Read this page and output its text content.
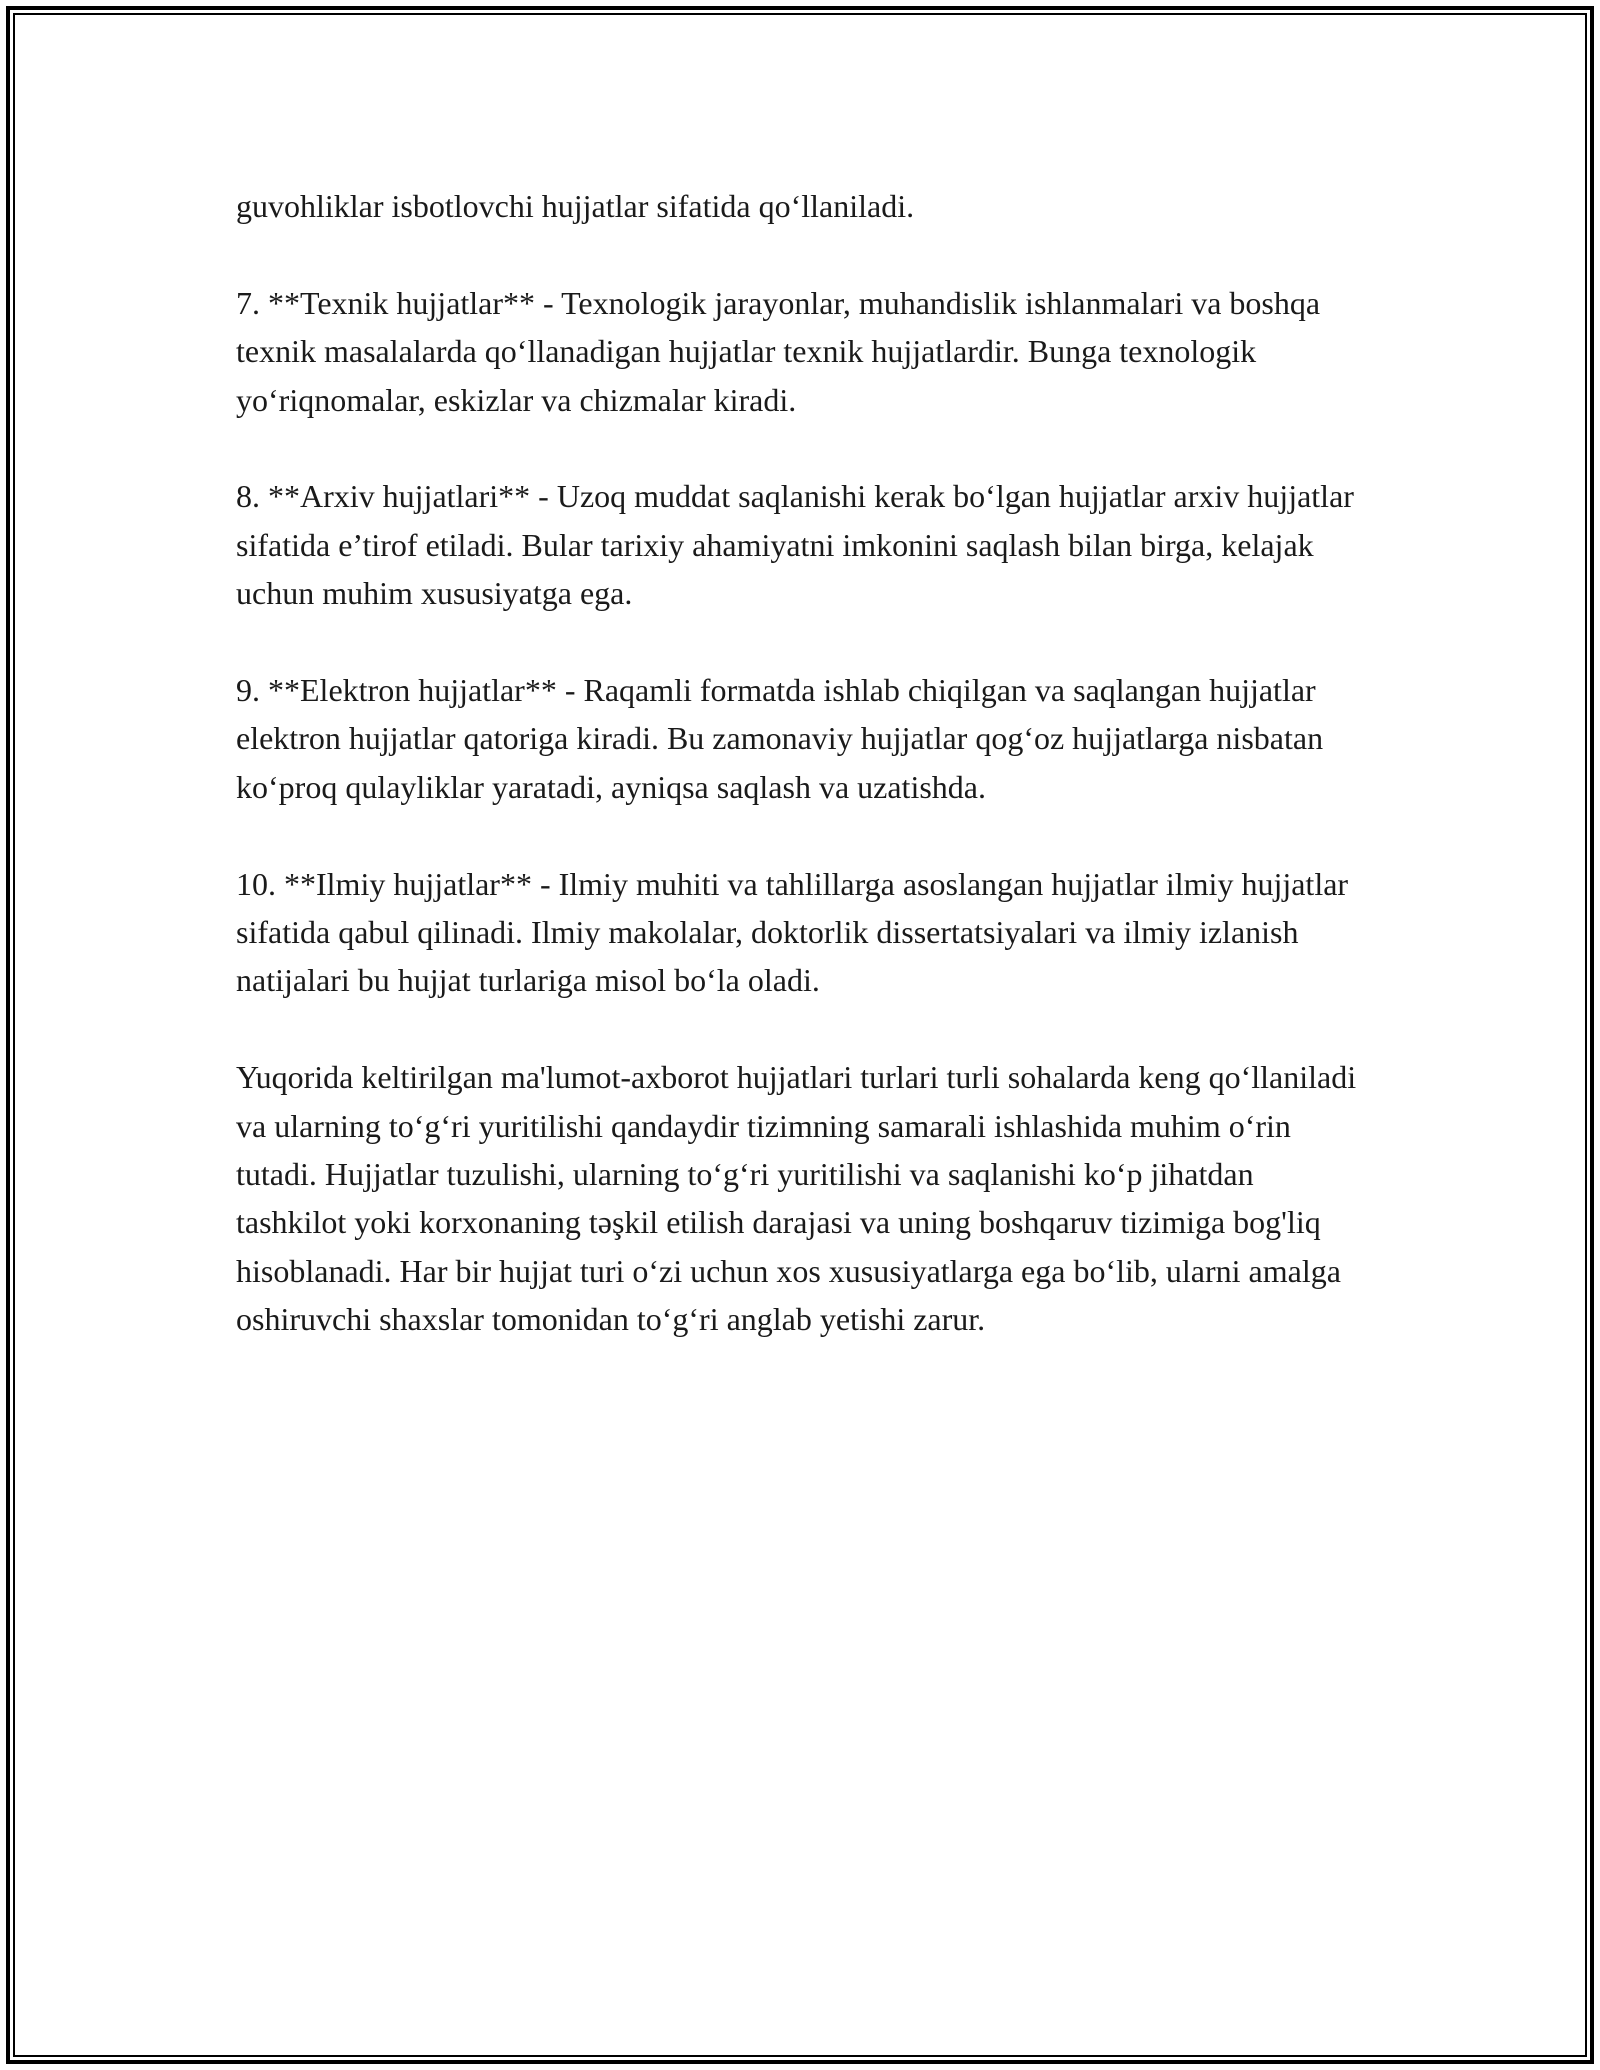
guvohliklar isbotlovchi hujjatlar sifatida qo‘llaniladi.

7. **Texnik hujjatlar** - Texnologik jarayonlar, muhandislik ishlanmalari va boshqa texnik masalalarda qo‘llanadigan hujjatlar texnik hujjatlardir. Bunga texnologik yo‘riqnomalar, eskizlar va chizmalar kiradi.

8. **Arxiv hujjatlari** - Uzoq muddat saqlanishi kerak bo‘lgan hujjatlar arxiv hujjatlar sifatida e’tirof etiladi. Bular tarixiy ahamiyatni imkonini saqlash bilan birga, kelajak uchun muhim xususiyatga ega.

9. **Elektron hujjatlar** - Raqamli formatda ishlab chiqilgan va saqlangan hujjatlar elektron hujjatlar qatoriga kiradi. Bu zamonaviy hujjatlar qog‘oz hujjatlarga nisbatan ko‘proq qulayliklar yaratadi, ayniqsa saqlash va uzatishda.

10. **Ilmiy hujjatlar** - Ilmiy muhiti va tahlillarga asoslangan hujjatlar ilmiy hujjatlar sifatida qabul qilinadi. Ilmiy makolalar, doktorlik dissertatsiyalari va ilmiy izlanish natijalari bu hujjat turlariga misol bo‘la oladi.

Yuqorida keltirilgan ma'lumot-axborot hujjatlari turlari turli sohalarda keng qo‘llaniladi va ularning to‘g‘ri yuritilishi qandaydir tizimning samarali ishlashida muhim o‘rin tutadi. Hujjatlar tuzulishi, ularning to‘g‘ri yuritilishi va saqlanishi ko‘p jihatdan tashkilot yoki korxonaning təşkil etilish darajasi va uning boshqaruv tizimiga bog'liq hisoblanadi. Har bir hujjat turi o‘zi uchun xos xususiyatlarga ega bo‘lib, ularni amalga oshiruvchi shaxslar tomonidan to‘g‘ri anglab yetishi zarur.
